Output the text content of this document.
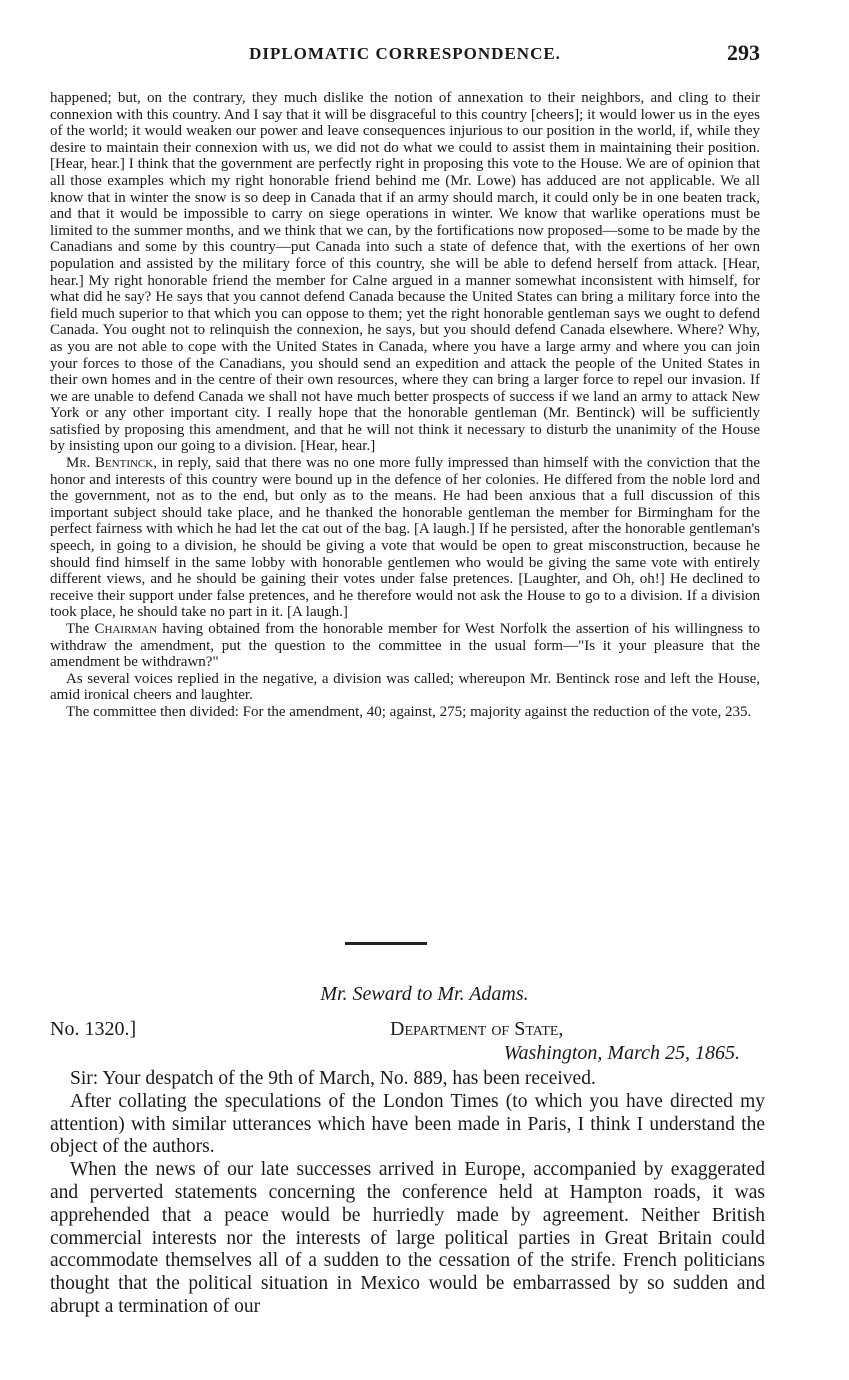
DIPLOMATIC CORRESPONDENCE.	293

happened; but, on the contrary, they much dislike the notion of annexation to their neighbors, and cling to their connexion with this country. And I say that it will be disgraceful to this country [cheers]; it would lower us in the eyes of the world; it would weaken our power and leave consequences injurious to our position in the world, if, while they desire to maintain their connexion with us, we did not do what we could to assist them in maintaining their position. [Hear, hear.] I think that the government are perfectly right in proposing this vote to the House. We are of opinion that all those examples which my right honorable friend behind me (Mr. Lowe) has adduced are not applicable. We all know that in winter the snow is so deep in Canada that if an army should march, it could only be in one beaten track, and that it would be impossible to carry on siege operations in winter. We know that warlike operations must be limited to the summer months, and we think that we can, by the fortifications now proposed—some to be made by the Canadians and some by this country—put Canada into such a state of defence that, with the exertions of her own population and assisted by the military force of this country, she will be able to defend herself from attack. [Hear, hear.] My right honorable friend the member for Calne argued in a manner somewhat inconsistent with himself, for what did he say? He says that you cannot defend Canada because the United States can bring a military force into the field much superior to that which you can oppose to them; yet the right honorable gentleman says we ought to defend Canada. You ought not to relinquish the connexion, he says, but you should defend Canada elsewhere. Where? Why, as you are not able to cope with the United States in Canada, where you have a large army and where you can join your forces to those of the Canadians, you should send an expedition and attack the people of the United States in their own homes and in the centre of their own resources, where they can bring a larger force to repel our invasion. If we are unable to defend Canada we shall not have much better prospects of success if we land an army to attack New York or any other important city. I really hope that the honorable gentleman (Mr. Bentinck) will be sufficiently satisfied by proposing this amendment, and that he will not think it necessary to disturb the unanimity of the House by insisting upon our going to a division. [Hear, hear.]

Mr. Bentinck, in reply, said that there was no one more fully impressed than himself with the conviction that the honor and interests of this country were bound up in the defence of her colonies. He differed from the noble lord and the government, not as to the end, but only as to the means. He had been anxious that a full discussion of this important subject should take place, and he thanked the honorable gentleman the member for Birmingham for the perfect fairness with which he had let the cat out of the bag. [A laugh.] If he persisted, after the honorable gentleman's speech, in going to a division, he should be giving a vote that would be open to great misconstruction, because he should find himself in the same lobby with honorable gentlemen who would be giving the same vote with entirely different views, and he should be gaining their votes under false pretences. [Laughter, and Oh, oh!] He declined to receive their support under false pretences, and he therefore would not ask the House to go to a division. If a division took place, he should take no part in it. [A laugh.]

The Chairman having obtained from the honorable member for West Norfolk the assertion of his willingness to withdraw the amendment, put the question to the committee in the usual form—"Is it your pleasure that the amendment be withdrawn?"

As several voices replied in the negative, a division was called; whereupon Mr. Bentinck rose and left the House, amid ironical cheers and laughter.

The committee then divided: For the amendment, 40; against, 275; majority against the reduction of the vote, 235.

Mr. Seward to Mr. Adams.
No. 1320.]	Department of State,
Washington, March 25, 1865.

Sir: Your despatch of the 9th of March, No. 889, has been received.

After collating the speculations of the London Times (to which you have directed my attention) with similar utterances which have been made in Paris, I think I understand the object of the authors.

When the news of our late successes arrived in Europe, accompanied by exaggerated and perverted statements concerning the conference held at Hampton roads, it was apprehended that a peace would be hurriedly made by agreement. Neither British commercial interests nor the interests of large political parties in Great Britain could accommodate themselves all of a sudden to the cessation of the strife. French politicians thought that the political situation in Mexico would be embarrassed by so sudden and abrupt a termination of our
